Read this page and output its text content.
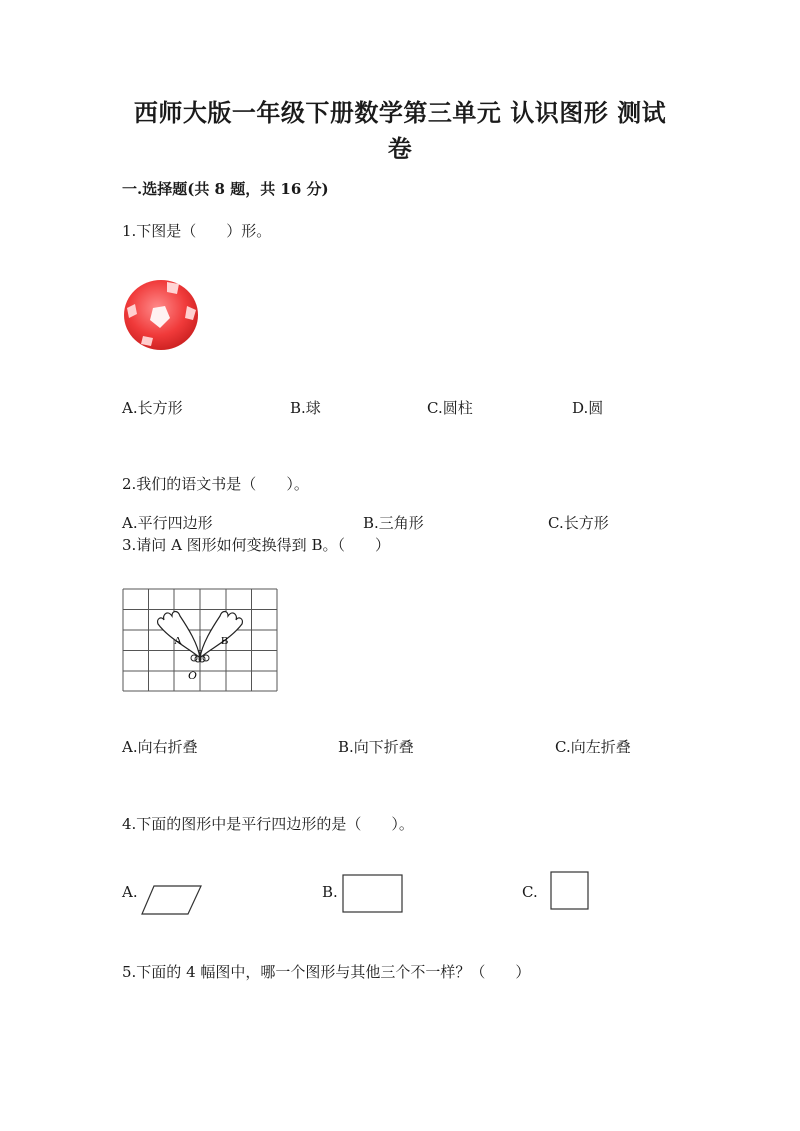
西师大版一年级下册数学第三单元 认识图形 测试
卷
一.选择题(共 8 题，共 16 分)
1.下图是（　　）形。
A.长方形	B.球	C.圆柱	D.圆
2.我们的语文书是（　　）。
A.平行四边形	B.三角形	C.长方形
3.请问 A 图形如何变换得到 B。（　　）
A	B
O
A.向右折叠	B.向下折叠	C.向左折叠
4.下面的图形中是平行四边形的是（　　）。
A.	B.	C.
5.下面的 4 幅图中，哪一个图形与其他三个不一样？（　　）
